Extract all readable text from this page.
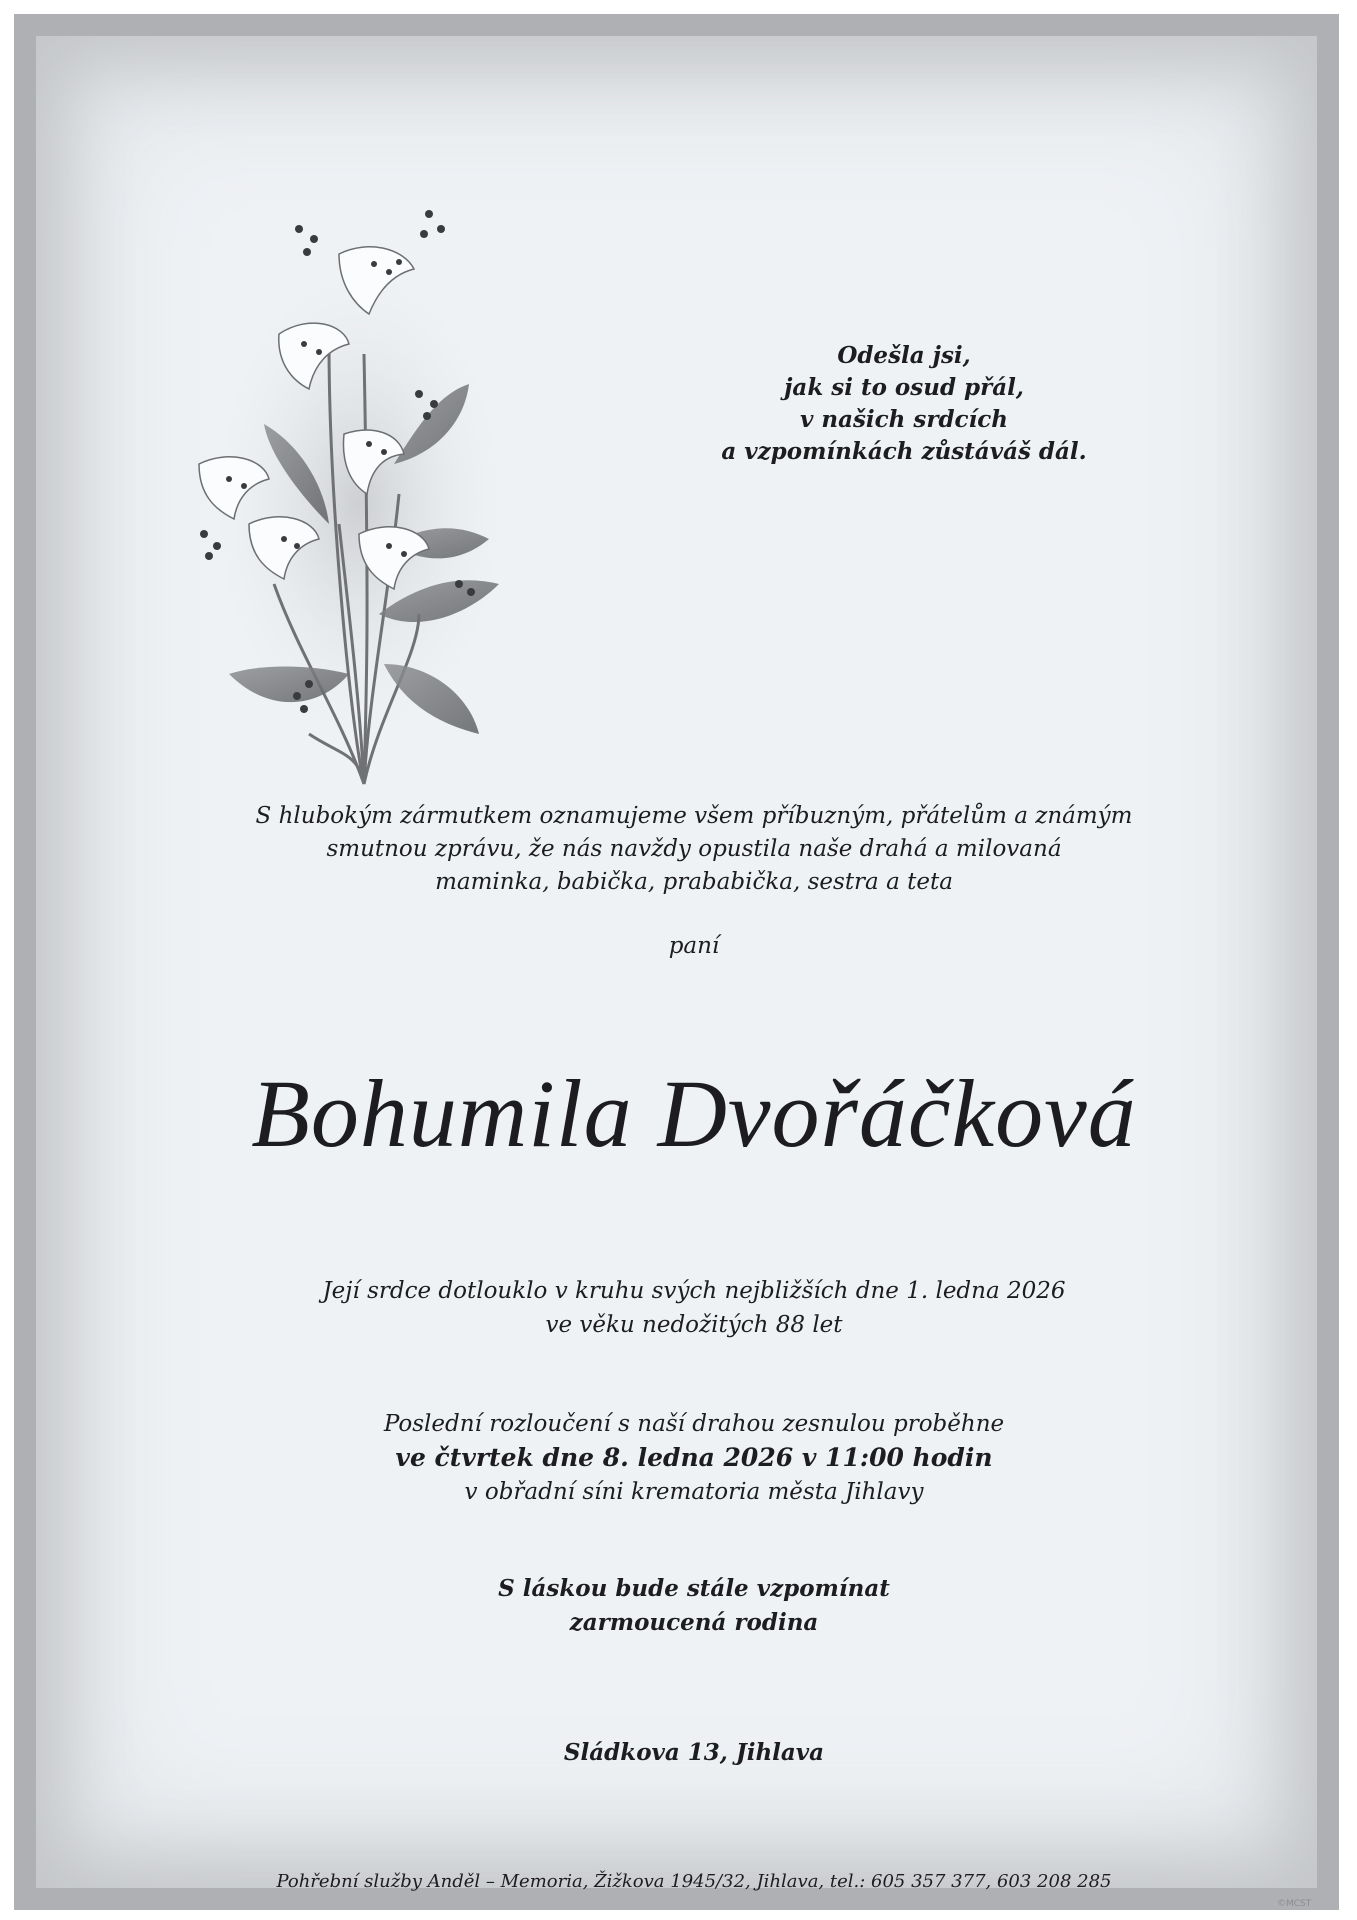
Odešla jsi,
jak si to osud přál,
v našich srdcích
a vzpomínkách zůstáváš dál.
S hlubokým zármutkem oznamujeme všem příbuzným, přátelům a známým
smutnou zprávu, že nás navždy opustila naše drahá a milovaná
maminka, babička, prababička, sestra a teta
paní
Bohumila Dvořáčková
Její srdce dotlouklo v kruhu svých nejbližších dne 1. ledna 2026
ve věku nedožitých 88 let
Poslední rozloučení s naší drahou zesnulou proběhne
ve čtvrtek dne 8. ledna 2026 v 11:00 hodin
v obřadní síni krematoria města Jihlavy
S láskou bude stále vzpomínat
zarmoucená rodina
Sládkova 13, Jihlava
Pohřební služby Anděl – Memoria, Žižkova 1945/32, Jihlava, tel.: 605 357 377, 603 208 285
©MCST
